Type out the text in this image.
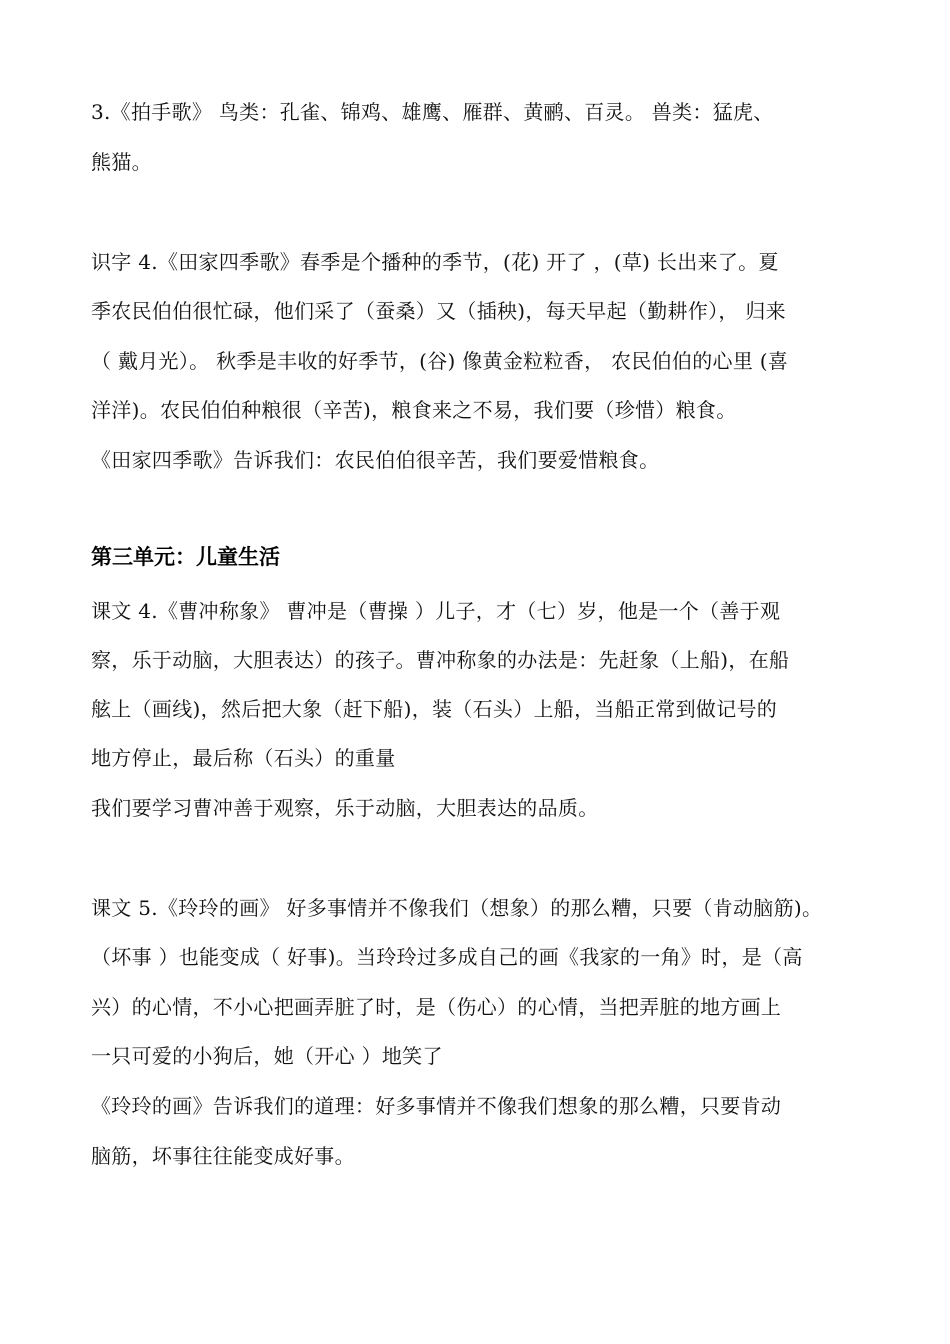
3.《拍手歌》 鸟类：孔雀、锦鸡、雄鹰、雁群、黄鹂、百灵。 兽类：猛虎、
熊猫。
识字 4.《田家四季歌》春季是个播种的季节，(花) 开了 ，(草) 长出来了。夏
季农民伯伯很忙碌，他们采了（蚕桑）又（插秧)，每天早起（勤耕作）， 归来
（ 戴月光）。 秋季是丰收的好季节，(谷) 像黄金粒粒香， 农民伯伯的心里 (喜
洋洋)。农民伯伯种粮很（辛苦)，粮食来之不易，我们要（珍惜）粮食。
《田家四季歌》告诉我们：农民伯伯很辛苦，我们要爱惜粮食。
第三单元：儿童生活
课文 4.《曹冲称象》 曹冲是（曹操 ）儿子，才（七）岁，他是一个（善于观
察，乐于动脑，大胆表达）的孩子。曹冲称象的办法是：先赶象（上船)，在船
舷上（画线)，然后把大象（赶下船)，装（石头）上船，当船正常到做记号的
地方停止，最后称（石头）的重量
我们要学习曹冲善于观察，乐于动脑，大胆表达的品质。
课文 5.《玲玲的画》 好多事情并不像我们（想象）的那么糟，只要（肯动脑筋)。
（坏事 ）也能变成（ 好事)。当玲玲过多成自己的画《我家的一角》时，是（高
兴）的心情，不小心把画弄脏了时，是（伤心）的心情，当把弄脏的地方画上
一只可爱的小狗后，她（开心 ）地笑了
《玲玲的画》告诉我们的道理：好多事情并不像我们想象的那么糟，只要肯动
脑筋，坏事往往能变成好事。
